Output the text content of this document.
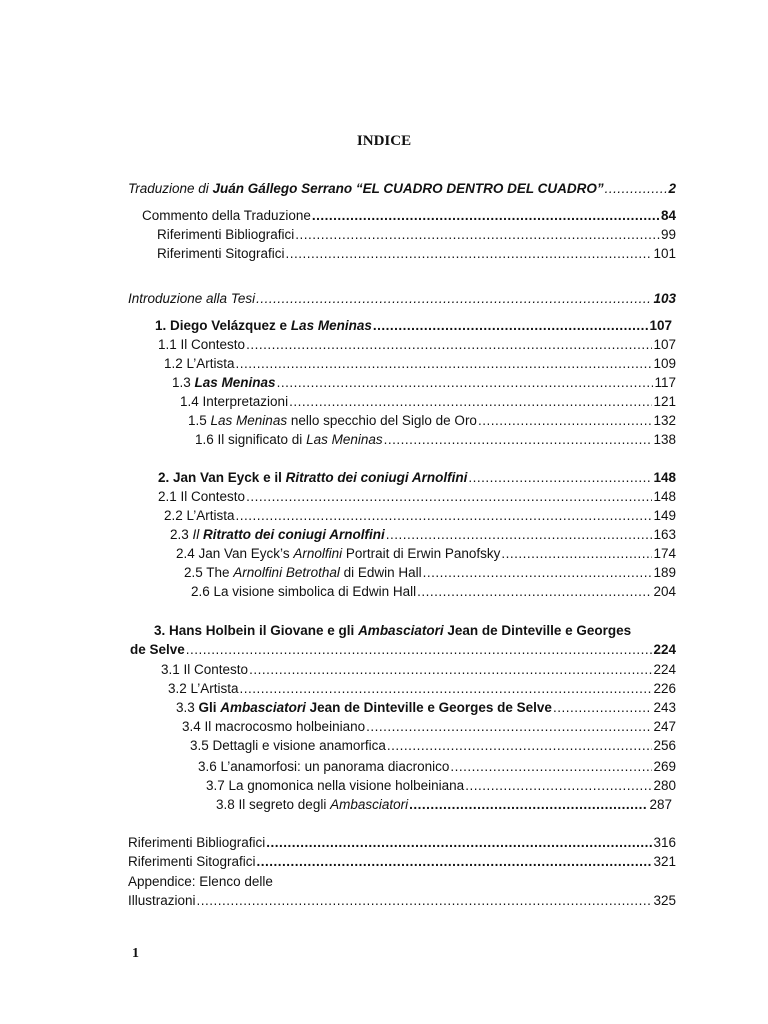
INDICE
Traduzione di Juán Gállego Serrano “EL CUADRO DENTRO DEL CUADRO” .....	2
Commento della Traduzione .....	84
Riferimenti Bibliografici .....	99
Riferimenti Sitografici .....	101
Introduzione alla Tesi .....	103
1. Diego Velázquez e Las Meninas .....	107
1.1 Il Contesto .....	107
1.2 L’Artista .....	109
1.3 Las Meninas .....	117
1.4 Interpretazioni .....	121
1.5 Las Meninas nello specchio del Siglo de Oro .....	132
1.6 Il significato di Las Meninas .....	138
2. Jan Van Eyck e il Ritratto dei coniugi Arnolfini .....	148
2.1 Il Contesto .....	148
2.2 L’Artista .....	149
2.3 Il Ritratto dei coniugi Arnolfini .....	163
2.4 Jan Van Eyck’s Arnolfini Portrait di Erwin Panofsky .....	174
2.5 The Arnolfini Betrothal di Edwin Hall .....	189
2.6 La visione simbolica di Edwin Hall .....	204
3. Hans Holbein il Giovane e gli Ambasciatori Jean de Dinteville e Georges
de Selve .....	224
3.1 Il Contesto .....	224
3.2 L’Artista .....	226
3.3 Gli Ambasciatori Jean de Dinteville e Georges de Selve .....	243
3.4 Il macrocosmo holbeiniano .....	247
3.5 Dettagli e visione anamorfica .....	256
3.6 L’anamorfosi: un panorama diacronico .....	269
3.7 La gnomonica nella visione holbeiniana .....	280
3.8 Il segreto degli Ambasciatori .....	287
Riferimenti Bibliografici .....	316
Riferimenti Sitografici .....	321
Appendice: Elenco delle
Illustrazioni .....	325
1
